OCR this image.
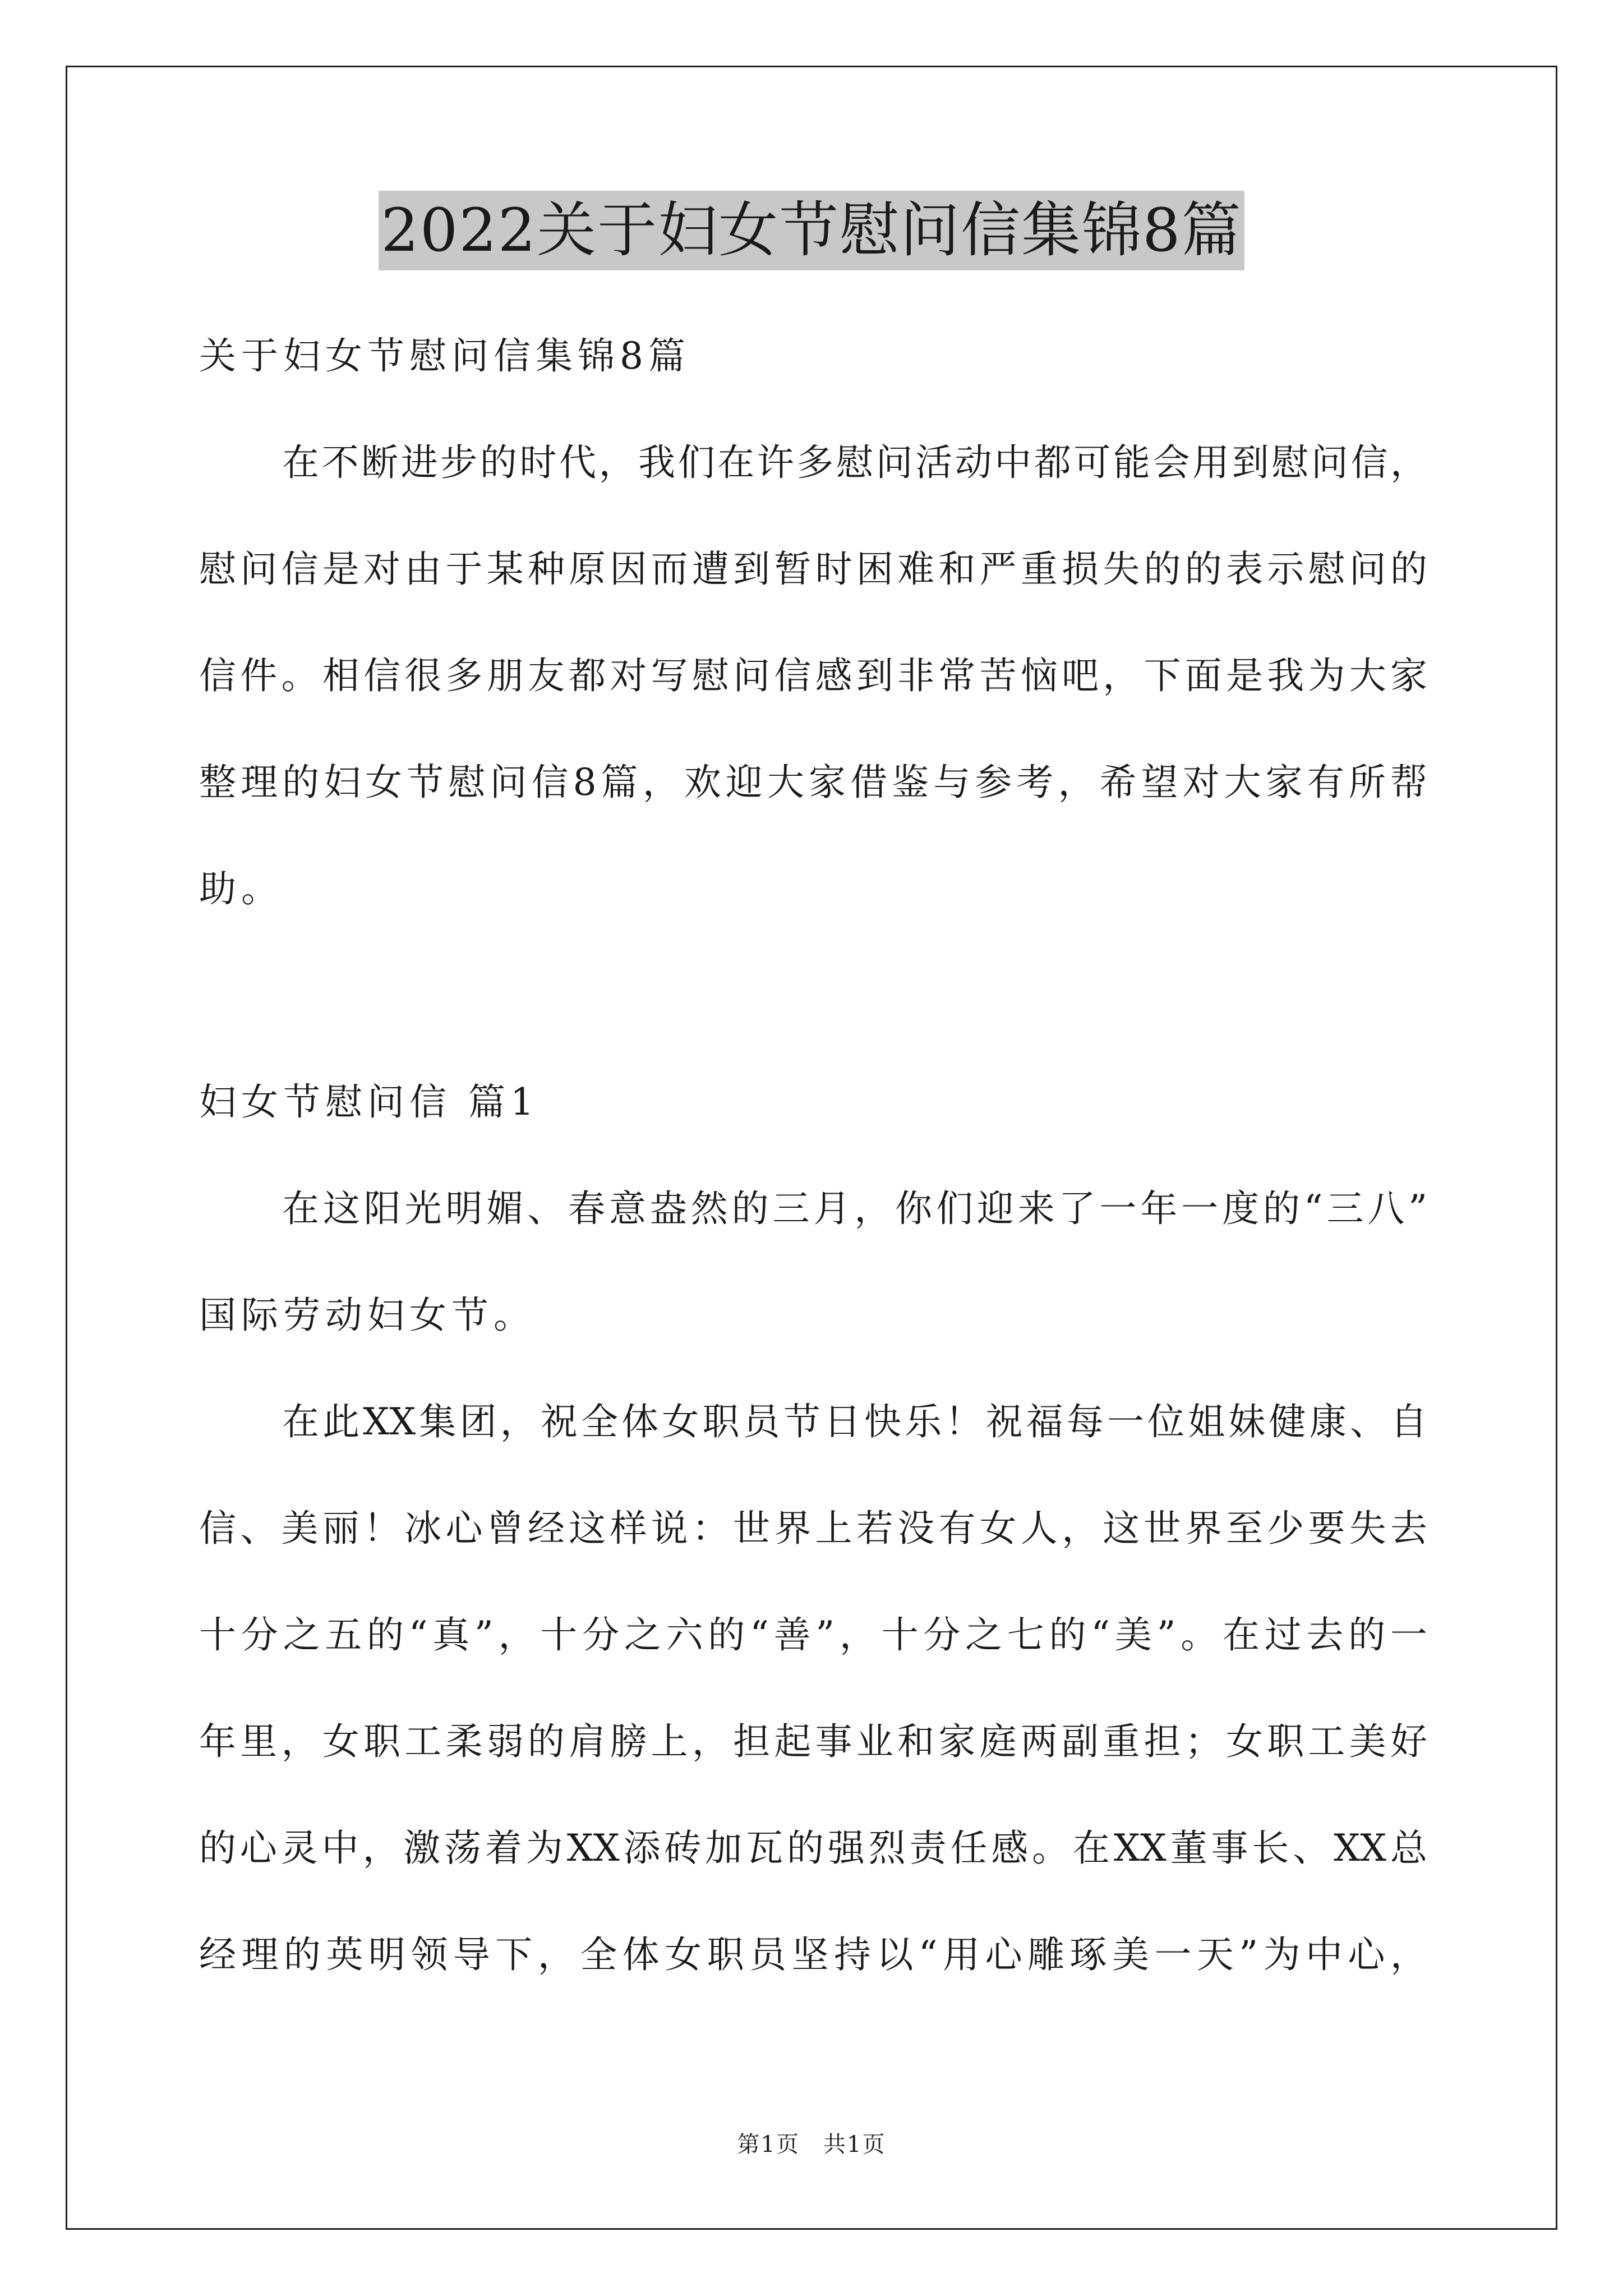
2022关于妇女节慰问信集锦8篇
关于妇女节慰问信集锦8篇
在不断进步的时代，我们在许多慰问活动中都可能会用到慰问信，
慰问信是对由于某种原因而遭到暂时困难和严重损失的的表示慰问的
信件。相信很多朋友都对写慰问信感到非常苦恼吧，下面是我为大家
整理的妇女节慰问信8篇，欢迎大家借鉴与参考，希望对大家有所帮
助。
妇女节慰问信 篇1
在这阳光明媚、春意盎然的三月，你们迎来了一年一度的“三八”
国际劳动妇女节。
在此XX集团，祝全体女职员节日快乐！祝福每一位姐妹健康、自
信、美丽！冰心曾经这样说：世界上若没有女人，这世界至少要失去
十分之五的“真”，十分之六的“善”，十分之七的“美”。在过去的一
年里，女职工柔弱的肩膀上，担起事业和家庭两副重担；女职工美好
的心灵中，激荡着为XX添砖加瓦的强烈责任感。在XX董事长、XX总
经理的英明领导下，全体女职员坚持以“用心雕琢美一天”为中心，
第1页　共1页
